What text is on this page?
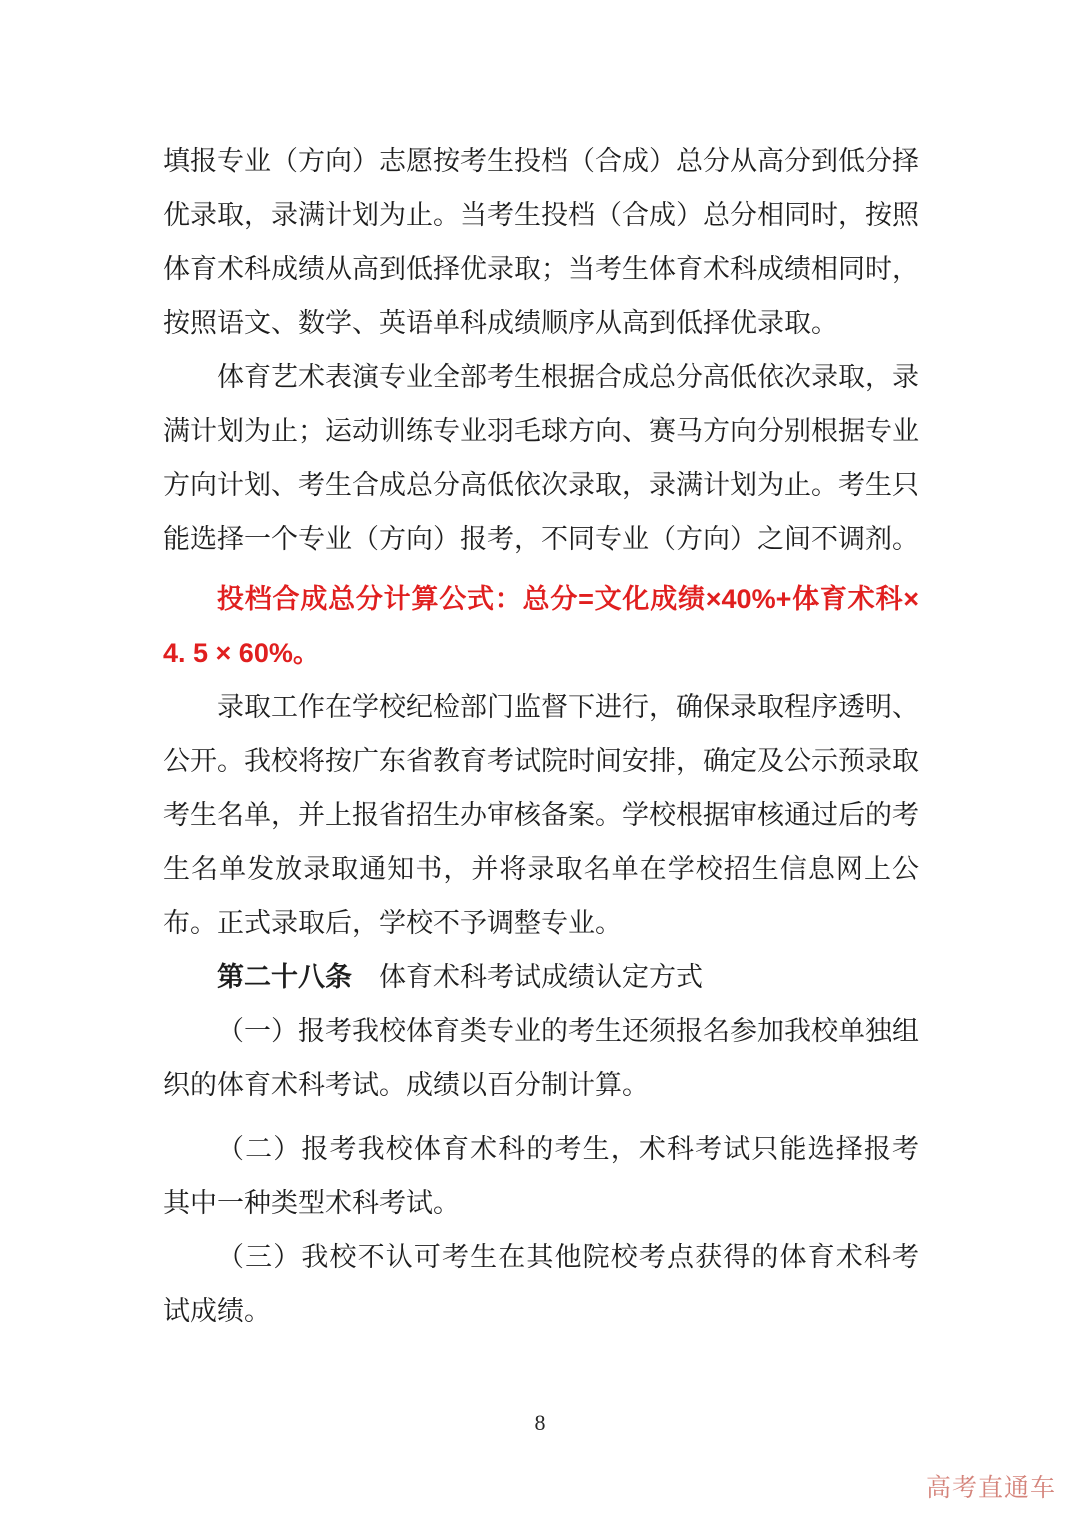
填报专业（方向）志愿按考生投档（合成）总分从高分到低分择
优录取，录满计划为止。当考生投档（合成）总分相同时，按照
体育术科成绩从高到低择优录取；当考生体育术科成绩相同时，
按照语文、数学、英语单科成绩顺序从高到低择优录取。
体育艺术表演专业全部考生根据合成总分高低依次录取，录
满计划为止；运动训练专业羽毛球方向、赛马方向分别根据专业
方向计划、考生合成总分高低依次录取，录满计划为止。考生只
能选择一个专业（方向）报考，不同专业（方向）之间不调剂。
投档合成总分计算公式：总分=文化成绩×40%+体育术科×
4. 5 × 60%。
录取工作在学校纪检部门监督下进行，确保录取程序透明、
公开。我校将按广东省教育考试院时间安排，确定及公示预录取
考生名单，并上报省招生办审核备案。学校根据审核通过后的考
生名单发放录取通知书，并将录取名单在学校招生信息网上公
布。正式录取后，学校不予调整专业。
第二十八条 体育术科考试成绩认定方式
（一）报考我校体育类专业的考生还须报名参加我校单独组
织的体育术科考试。成绩以百分制计算。
（二）报考我校体育术科的考生，术科考试只能选择报考
其中一种类型术科考试。
（三）我校不认可考生在其他院校考点获得的体育术科考
试成绩。
8
高考直通车
